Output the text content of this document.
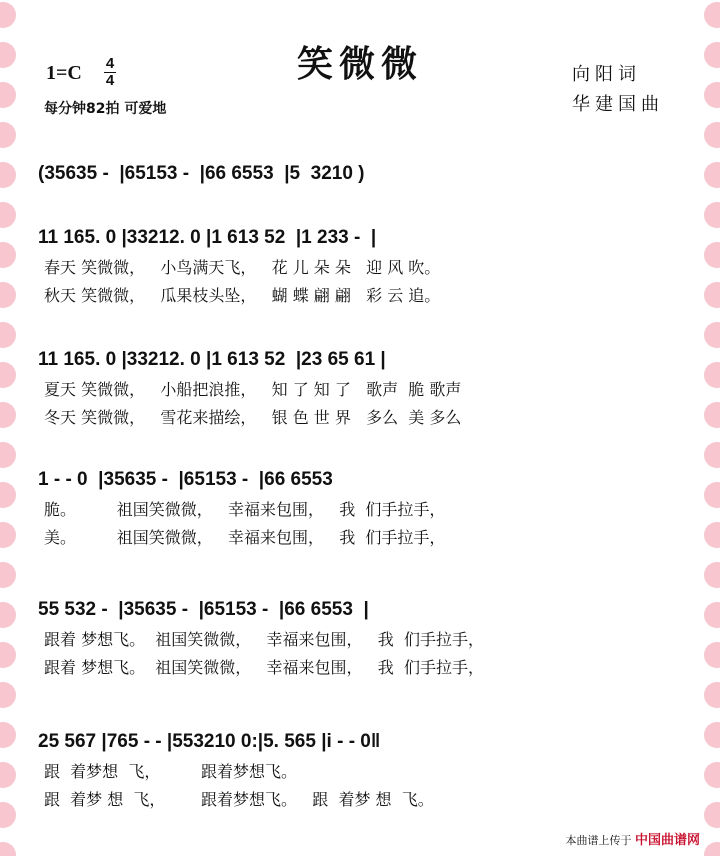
笑微微
1=C 4
4
每分钟82拍 可爱地
向阳词
华建国曲
(35635 -  |65153 -  |66 6553  |5  3210 )
11 165. 0 |33212. 0 |1 613 52  |1 233 -  |
春天 笑微微，   小鸟满天飞，   花 儿 朵 朵   迎 风 吹。
秋天 笑微微，   瓜果枝头坠，   蝴 蝶 翩 翩   彩 云 追。
11 165. 0 |33212. 0 |1 613 52  |23 65 61 |
夏天 笑微微，   小船把浪推，   知 了 知 了   歌声  脆 歌声
冬天 笑微微，   雪花来描绘，   银 色 世 界   多么  美 多么
1 - - 0  |35635 -  |65153 -  |66 6553
脆。        祖国笑微微，   幸福来包围，   我  们手拉手，
美。        祖国笑微微，   幸福来包围，   我  们手拉手，
55 532 -  |35635 -  |65153 -  |66 6553  |
跟着 梦想飞。  祖国笑微微，   幸福来包围，   我  们手拉手，
跟着 梦想飞。  祖国笑微微，   幸福来包围，   我  们手拉手，
25 567 |765 - - |553210 0:|5. 565 |i - - 0‖
跟  着梦想  飞，        跟着梦想飞。
跟  着梦 想  飞，       跟着梦想飞。   跟  着梦 想  飞。
本曲谱上传于 中国曲谱网
